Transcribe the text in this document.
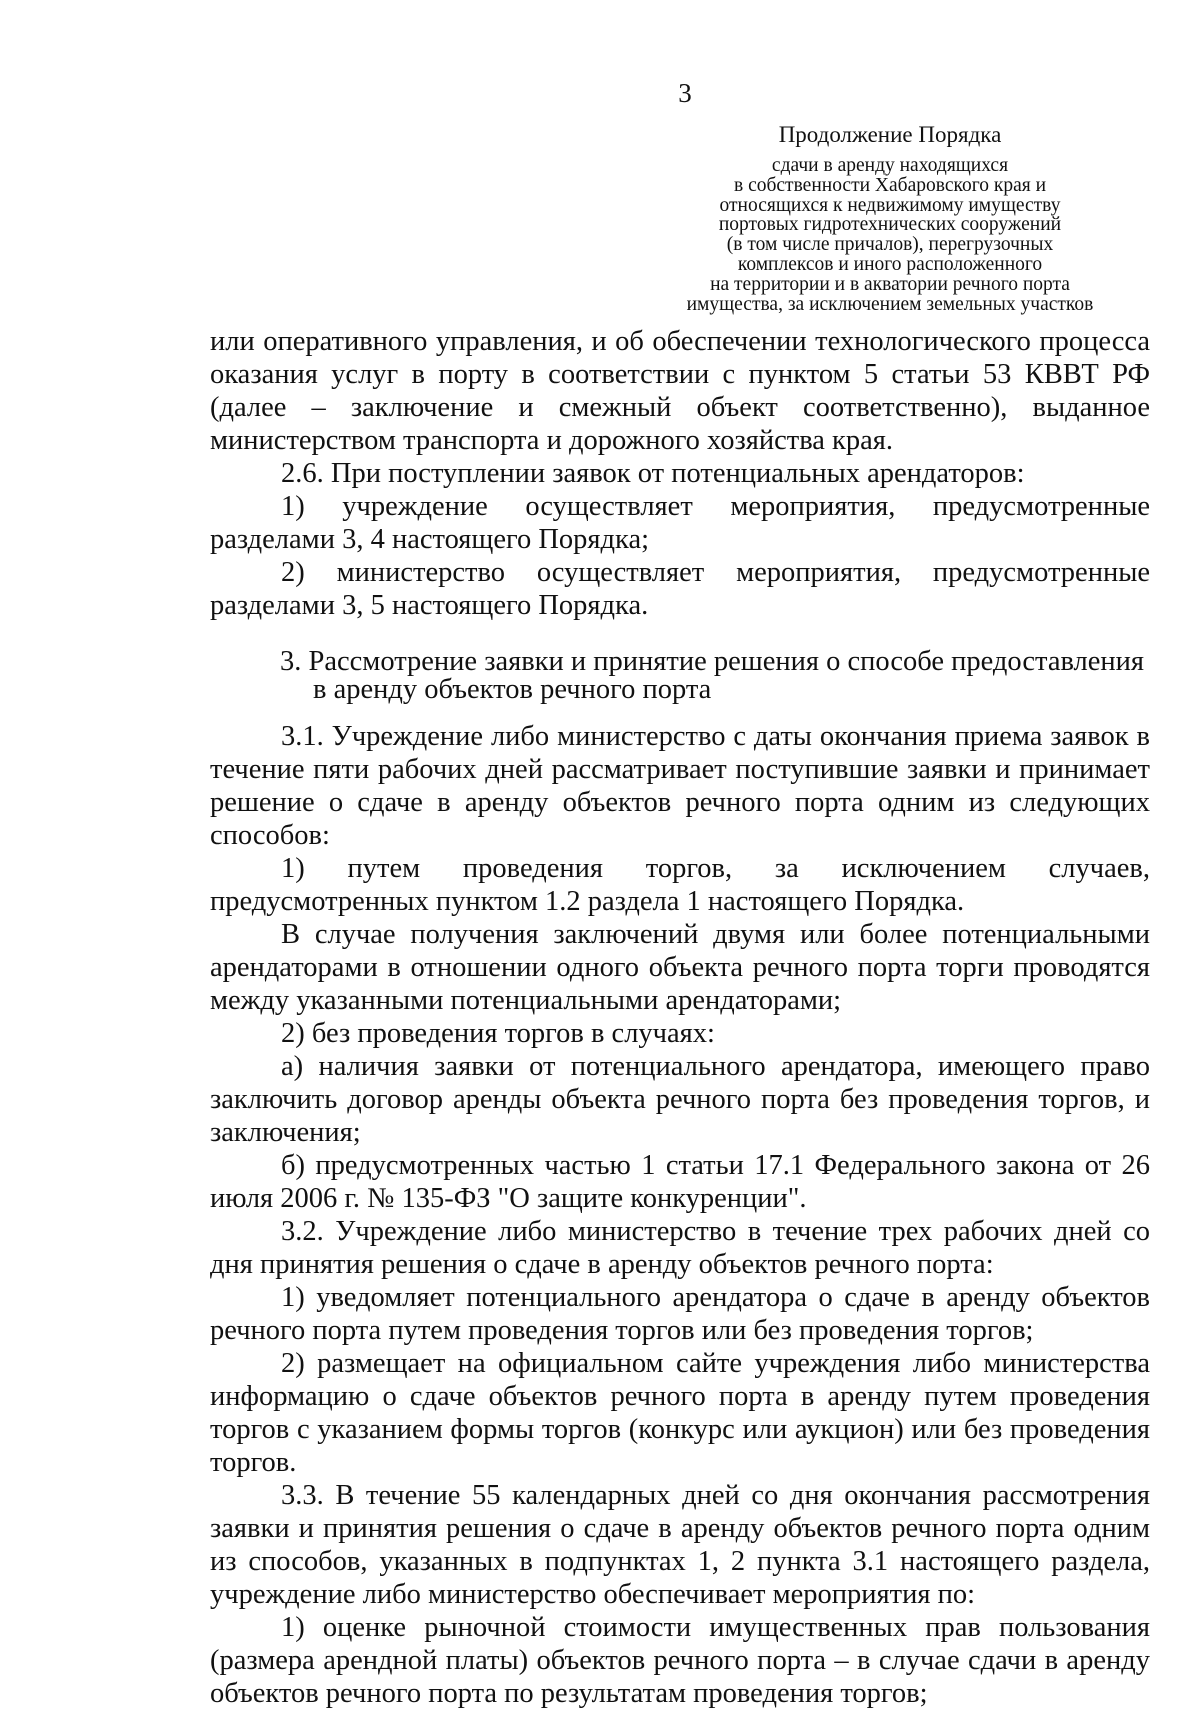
3
Продолжение Порядка
сдачи в аренду находящихся
в собственности Хабаровского края и
относящихся к недвижимому имуществу
портовых гидротехнических сооружений
(в том числе причалов), перегрузочных
комплексов и иного расположенного
на территории и в акватории речного порта
имущества, за исключением земельных участков

или оперативного управления, и об обеспечении технологического процесса оказания услуг в порту в соответствии с пунктом 5 статьи 53 КВВТ РФ (далее – заключение и смежный объект соответственно), выданное министерством транспорта и дорожного хозяйства края.

2.6. При поступлении заявок от потенциальных арендаторов:

1) учреждение осуществляет мероприятия, предусмотренные разделами 3, 4 настоящего Порядка;

2) министерство осуществляет мероприятия, предусмотренные разделами 3, 5 настоящего Порядка.

3. Рассмотрение заявки и принятие решения о способе предоставления
в аренду объектов речного порта

3.1. Учреждение либо министерство с даты окончания приема заявок в течение пяти рабочих дней рассматривает поступившие заявки и принимает решение о сдаче в аренду объектов речного порта одним из следующих способов:

1) путем проведения торгов, за исключением случаев, предусмотренных пунктом 1.2 раздела 1 настоящего Порядка.

В случае получения заключений двумя или более потенциальными арендаторами в отношении одного объекта речного порта торги проводятся между указанными потенциальными арендаторами;

2) без проведения торгов в случаях:

а) наличия заявки от потенциального арендатора, имеющего право заключить договор аренды объекта речного порта без проведения торгов, и заключения;

б) предусмотренных частью 1 статьи 17.1 Федерального закона от 26 июля 2006 г. № 135-ФЗ "О защите конкуренции".

3.2. Учреждение либо министерство в течение трех рабочих дней со дня принятия решения о сдаче в аренду объектов речного порта:

1) уведомляет потенциального арендатора о сдаче в аренду объектов речного порта путем проведения торгов или без проведения торгов;

2) размещает на официальном сайте учреждения либо министерства информацию о сдаче объектов речного порта в аренду путем проведения торгов с указанием формы торгов (конкурс или аукцион) или без проведения торгов.

3.3. В течение 55 календарных дней со дня окончания рассмотрения заявки и принятия решения о сдаче в аренду объектов речного порта одним из способов, указанных в подпунктах 1, 2 пункта 3.1 настоящего раздела, учреждение либо министерство обеспечивает мероприятия по:

1) оценке рыночной стоимости имущественных прав пользования (размера арендной платы) объектов речного порта – в случае сдачи в аренду объектов речного порта по результатам проведения торгов;
